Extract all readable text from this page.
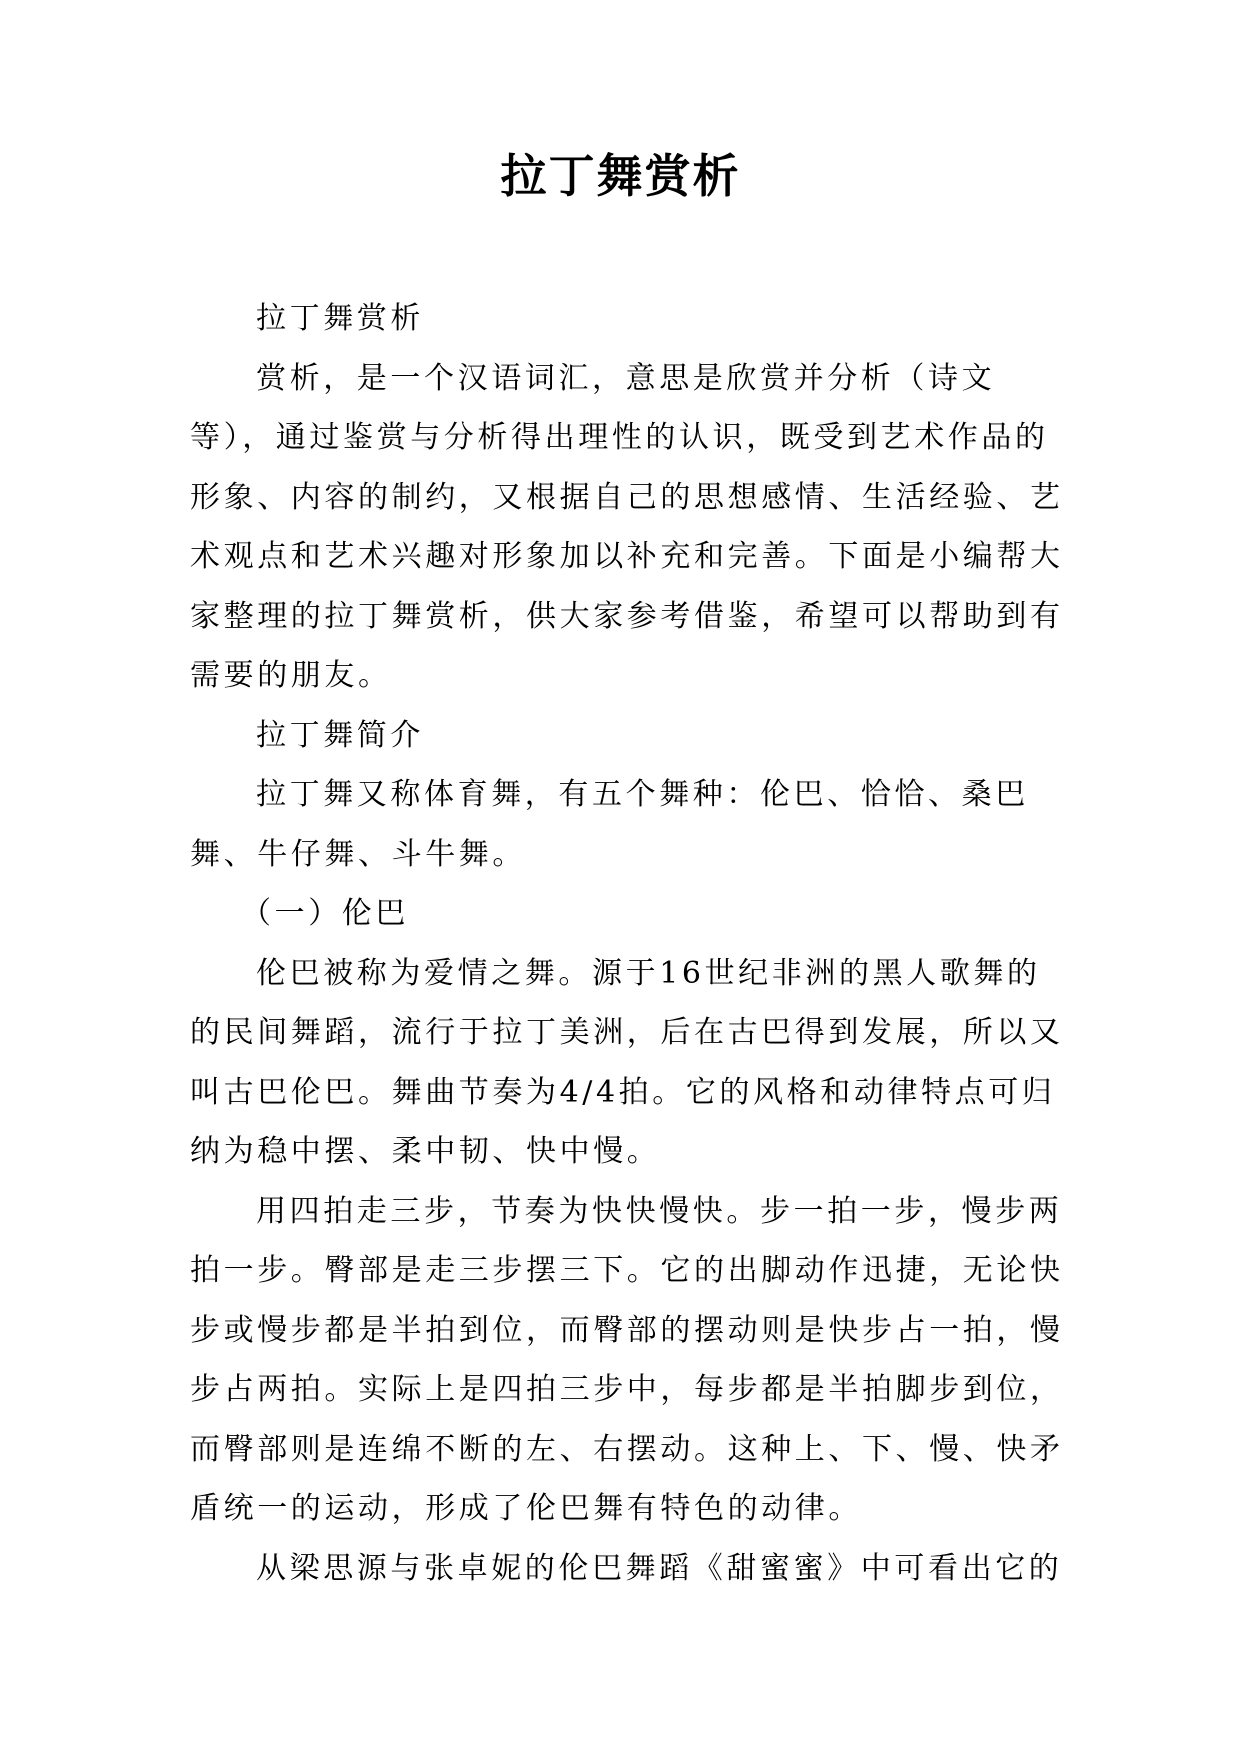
拉丁舞赏析

拉丁舞赏析

赏析，是一个汉语词汇，意思是欣赏并分析（诗文等），通过鉴赏与分析得出理性的认识，既受到艺术作品的形象、内容的制约，又根据自己的思想感情、生活经验、艺术观点和艺术兴趣对形象加以补充和完善。下面是小编帮大家整理的拉丁舞赏析，供大家参考借鉴，希望可以帮助到有需要的朋友。

拉丁舞简介

拉丁舞又称体育舞，有五个舞种：伦巴、恰恰、桑巴舞、牛仔舞、斗牛舞。

（一）伦巴

伦巴被称为爱情之舞。源于16世纪非洲的黑人歌舞的的民间舞蹈，流行于拉丁美洲，后在古巴得到发展，所以又叫古巴伦巴。舞曲节奏为4/4拍。它的风格和动律特点可归纳为稳中摆、柔中韧、快中慢。

用四拍走三步，节奏为快快慢快。步一拍一步，慢步两拍一步。臀部是走三步摆三下。它的出脚动作迅捷，无论快步或慢步都是半拍到位，而臀部的摆动则是快步占一拍，慢步占两拍。实际上是四拍三步中，每步都是半拍脚步到位，而臀部则是连绵不断的左、右摆动。这种上、下、慢、快矛盾统一的运动，形成了伦巴舞有特色的动律。

从梁思源与张卓妮的伦巴舞蹈《甜蜜蜜》中可看出它的
